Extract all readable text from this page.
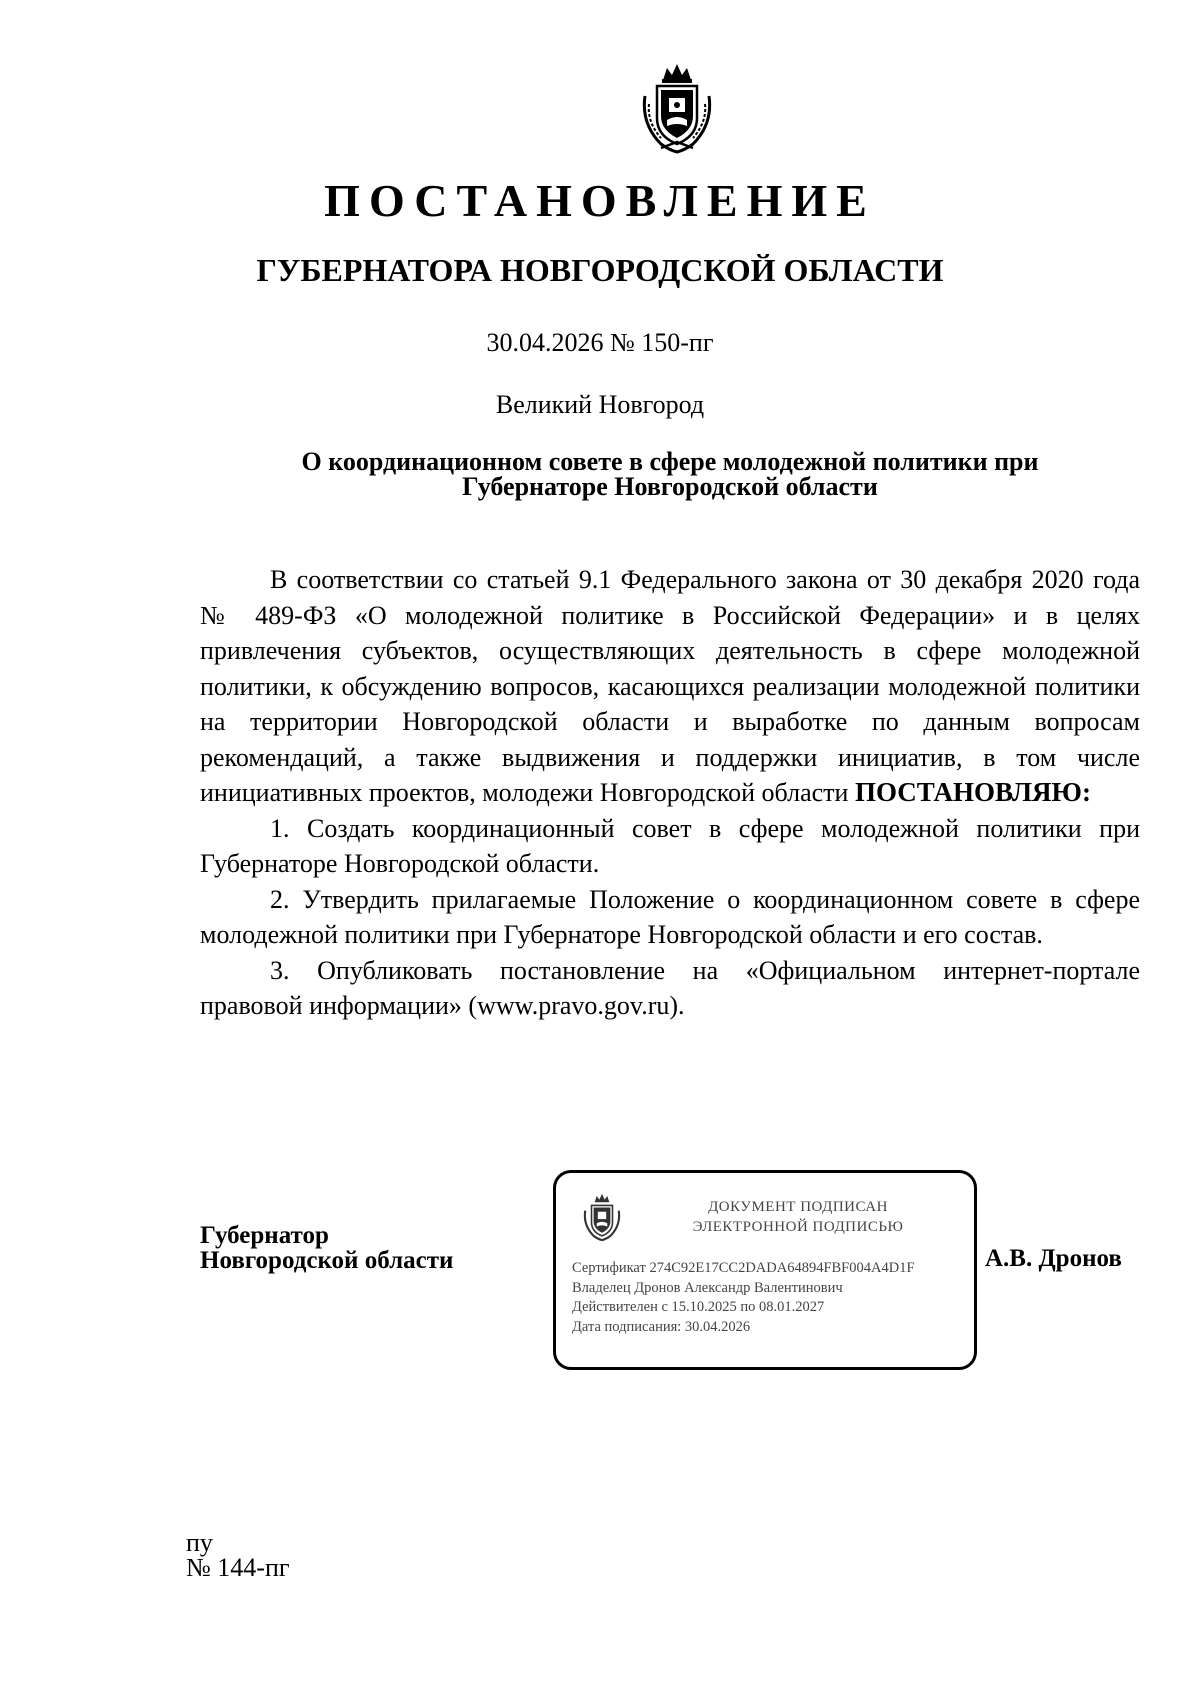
ПОСТАНОВЛЕНИЕ
ГУБЕРНАТОРА НОВГОРОДСКОЙ ОБЛАСТИ
30.04.2026 № 150-пг
Великий Новгород
О координационном совете в сфере молодежной политики при
Губернаторе Новгородской области

В соответствии со статьей 9.1 Федерального закона от 30 декабря 2020 года № 489-ФЗ «О молодежной политике в Российской Федерации» и в целях привлечения субъектов, осуществляющих деятельность в сфере молодежной политики, к обсуждению вопросов, касающихся реализации молодежной политики на территории Новгородской области и выработке по данным вопросам рекомендаций, а также выдвижения и поддержки инициатив, в том числе инициативных проектов, молодежи Новгородской области ПОСТАНОВЛЯЮ:

1. Создать координационный совет в сфере молодежной политики при Губернаторе Новгородской области.

2. Утвердить прилагаемые Положение о координационном совете в сфере молодежной политики при Губернаторе Новгородской области и его состав.

3. Опубликовать постановление на «Официальном интернет-портале правовой информации» (www.pravo.gov.ru).

Губернатор
Новгородской области
ДОКУМЕНТ ПОДПИСАН
ЭЛЕКТРОННОЙ ПОДПИСЬЮ
Сертификат 274C92E17CC2DADA64894FBF004A4D1F
Владелец Дронов Александр Валентинович
Действителен с 15.10.2025 по 08.01.2027
Дата подписания: 30.04.2026
А.В. Дронов
пу
№ 144-пг
